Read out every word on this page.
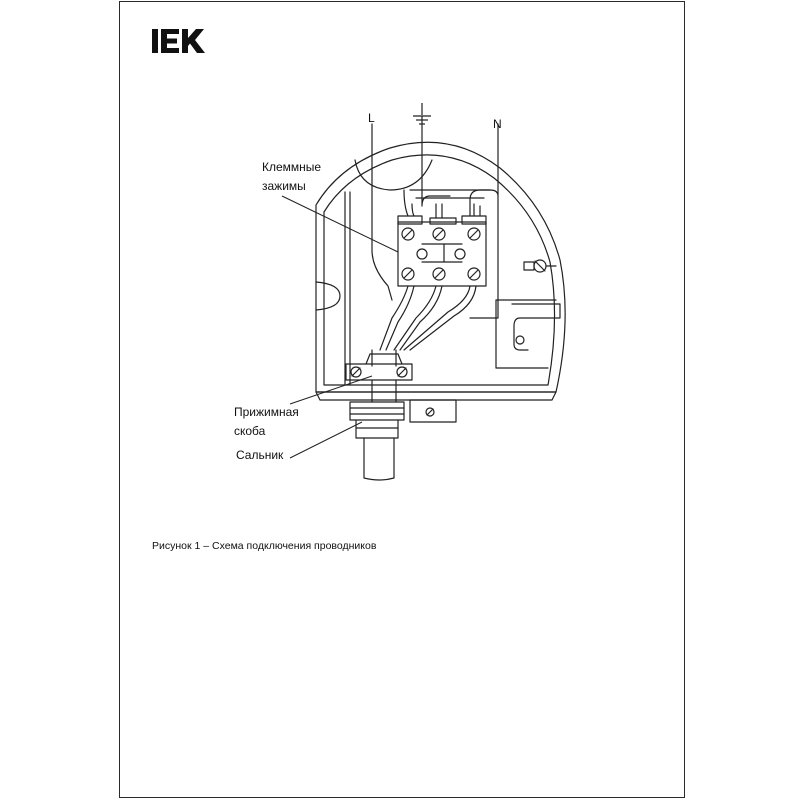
L	N
Клеммные
зажимы
Прижимная
скоба
Сальник
Рисунок 1 – Схема подключения проводников
